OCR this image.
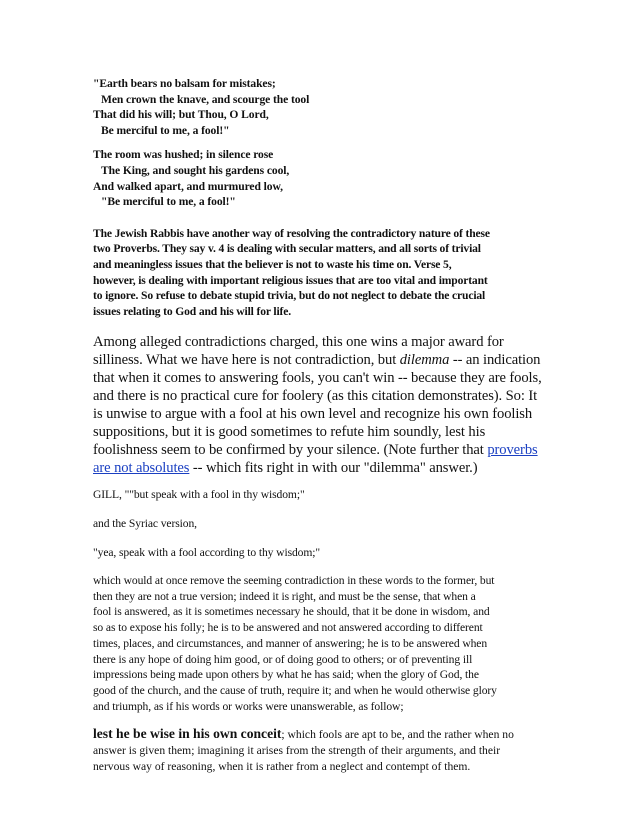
"Earth bears no balsam for mistakes;
Men crown the knave, and scourge the tool
That did his will; but Thou, O Lord,
Be merciful to me, a fool!"
The room was hushed; in silence rose
The King, and sought his gardens cool,
And walked apart, and murmured low,
"Be merciful to me, a fool!"
The Jewish Rabbis have another way of resolving the contradictory nature of these
two Proverbs. They say v. 4 is dealing with secular matters, and all sorts of trivial
and meaningless issues that the believer is not to waste his time on. Verse 5,
however, is dealing with important religious issues that are too vital and important
to ignore. So refuse to debate stupid trivia, but do not neglect to debate the crucial
issues relating to God and his will for life.
Among alleged contradictions charged, this one wins a major award for
silliness. What we have here is not contradiction, but dilemma -- an indication
that when it comes to answering fools, you can't win -- because they are fools,
and there is no practical cure for foolery (as this citation demonstrates). So: It
is unwise to argue with a fool at his own level and recognize his own foolish
suppositions, but it is good sometimes to refute him soundly, lest his
foolishness seem to be confirmed by your silence. (Note further that proverbs
are not absolutes -- which fits right in with our "dilemma" answer.)
GILL, ""but speak with a fool in thy wisdom;"
and the Syriac version,
"yea, speak with a fool according to thy wisdom;"
which would at once remove the seeming contradiction in these words to the former, but
then they are not a true version; indeed it is right, and must be the sense, that when a
fool is answered, as it is sometimes necessary he should, that it be done in wisdom, and
so as to expose his folly; he is to be answered and not answered according to different
times, places, and circumstances, and manner of answering; he is to be answered when
there is any hope of doing him good, or of doing good to others; or of preventing ill
impressions being made upon others by what he has said; when the glory of God, the
good of the church, and the cause of truth, require it; and when he would otherwise glory
and triumph, as if his words or works were unanswerable, as follow;
lest he be wise in his own conceit; which fools are apt to be, and the rather when no
answer is given them; imagining it arises from the strength of their arguments, and their
nervous way of reasoning, when it is rather from a neglect and contempt of them.
